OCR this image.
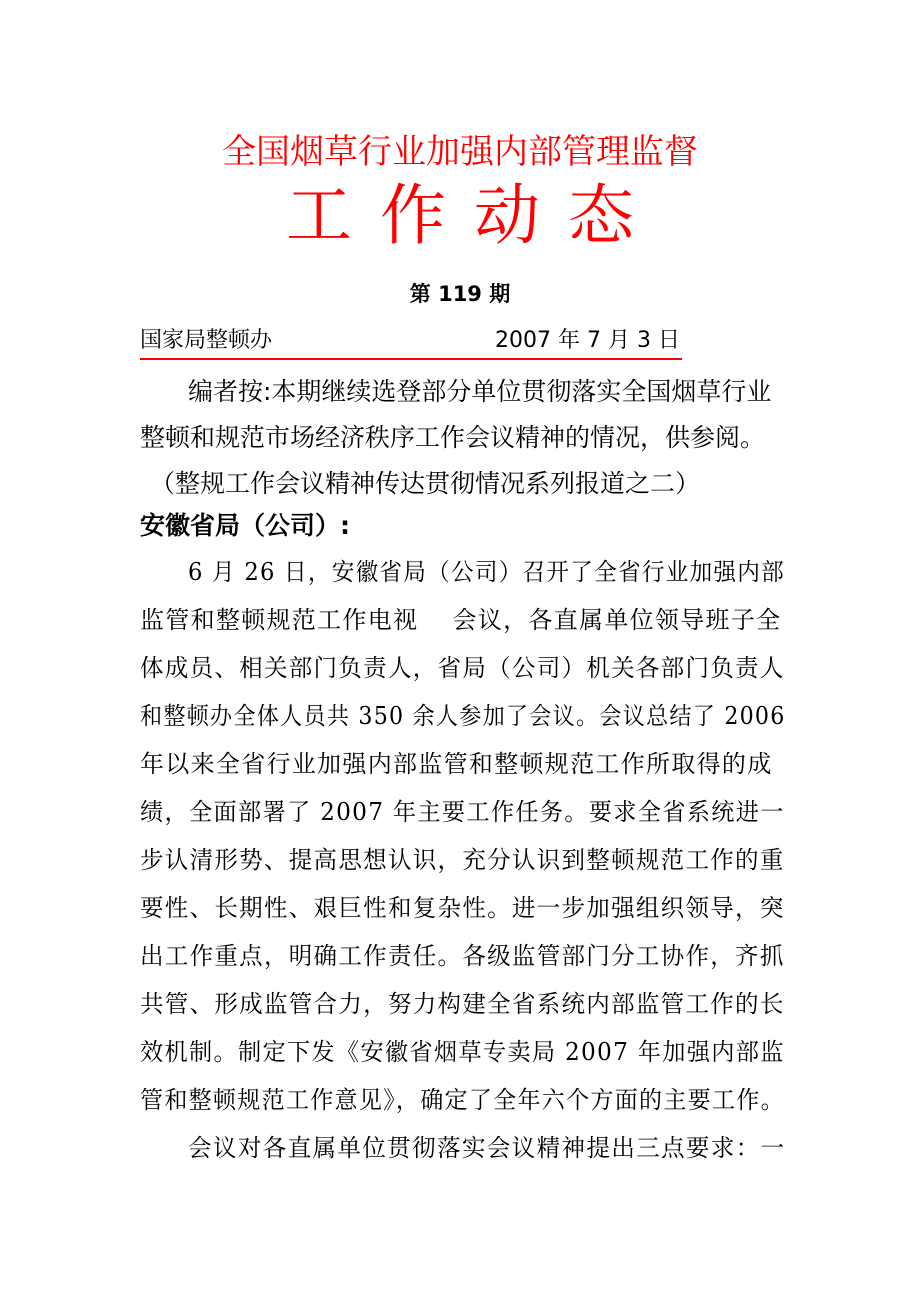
全国烟草行业加强内部管理监督
工作动态
第 119 期
国家局整顿办	2007 年 7 月 3 日
编者按:本期继续选登部分单位贯彻落实全国烟草行业
整顿和规范市场经济秩序工作会议精神的情况，供参阅。
（整规工作会议精神传达贯彻情况系列报道之二）
安徽省局（公司）:
6 月 26 日，安徽省局（公司）召开了全省行业加强内部
监管和整顿规范工作电视　 会议，各直属单位领导班子全
体成员、相关部门负责人，省局（公司）机关各部门负责人
和整顿办全体人员共 350 余人参加了会议。会议总结了 2006
年以来全省行业加强内部监管和整顿规范工作所取得的成
绩，全面部署了 2007 年主要工作任务。要求全省系统进一
步认清形势、提高思想认识，充分认识到整顿规范工作的重
要性、长期性、艰巨性和复杂性。进一步加强组织领导，突
出工作重点，明确工作责任。各级监管部门分工协作，齐抓
共管、形成监管合力，努力构建全省系统内部监管工作的长
效机制。制定下发《安徽省烟草专卖局 2007 年加强内部监
管和整顿规范工作意见》，确定了全年六个方面的主要工作。
会议对各直属单位贯彻落实会议精神提出三点要求：一
